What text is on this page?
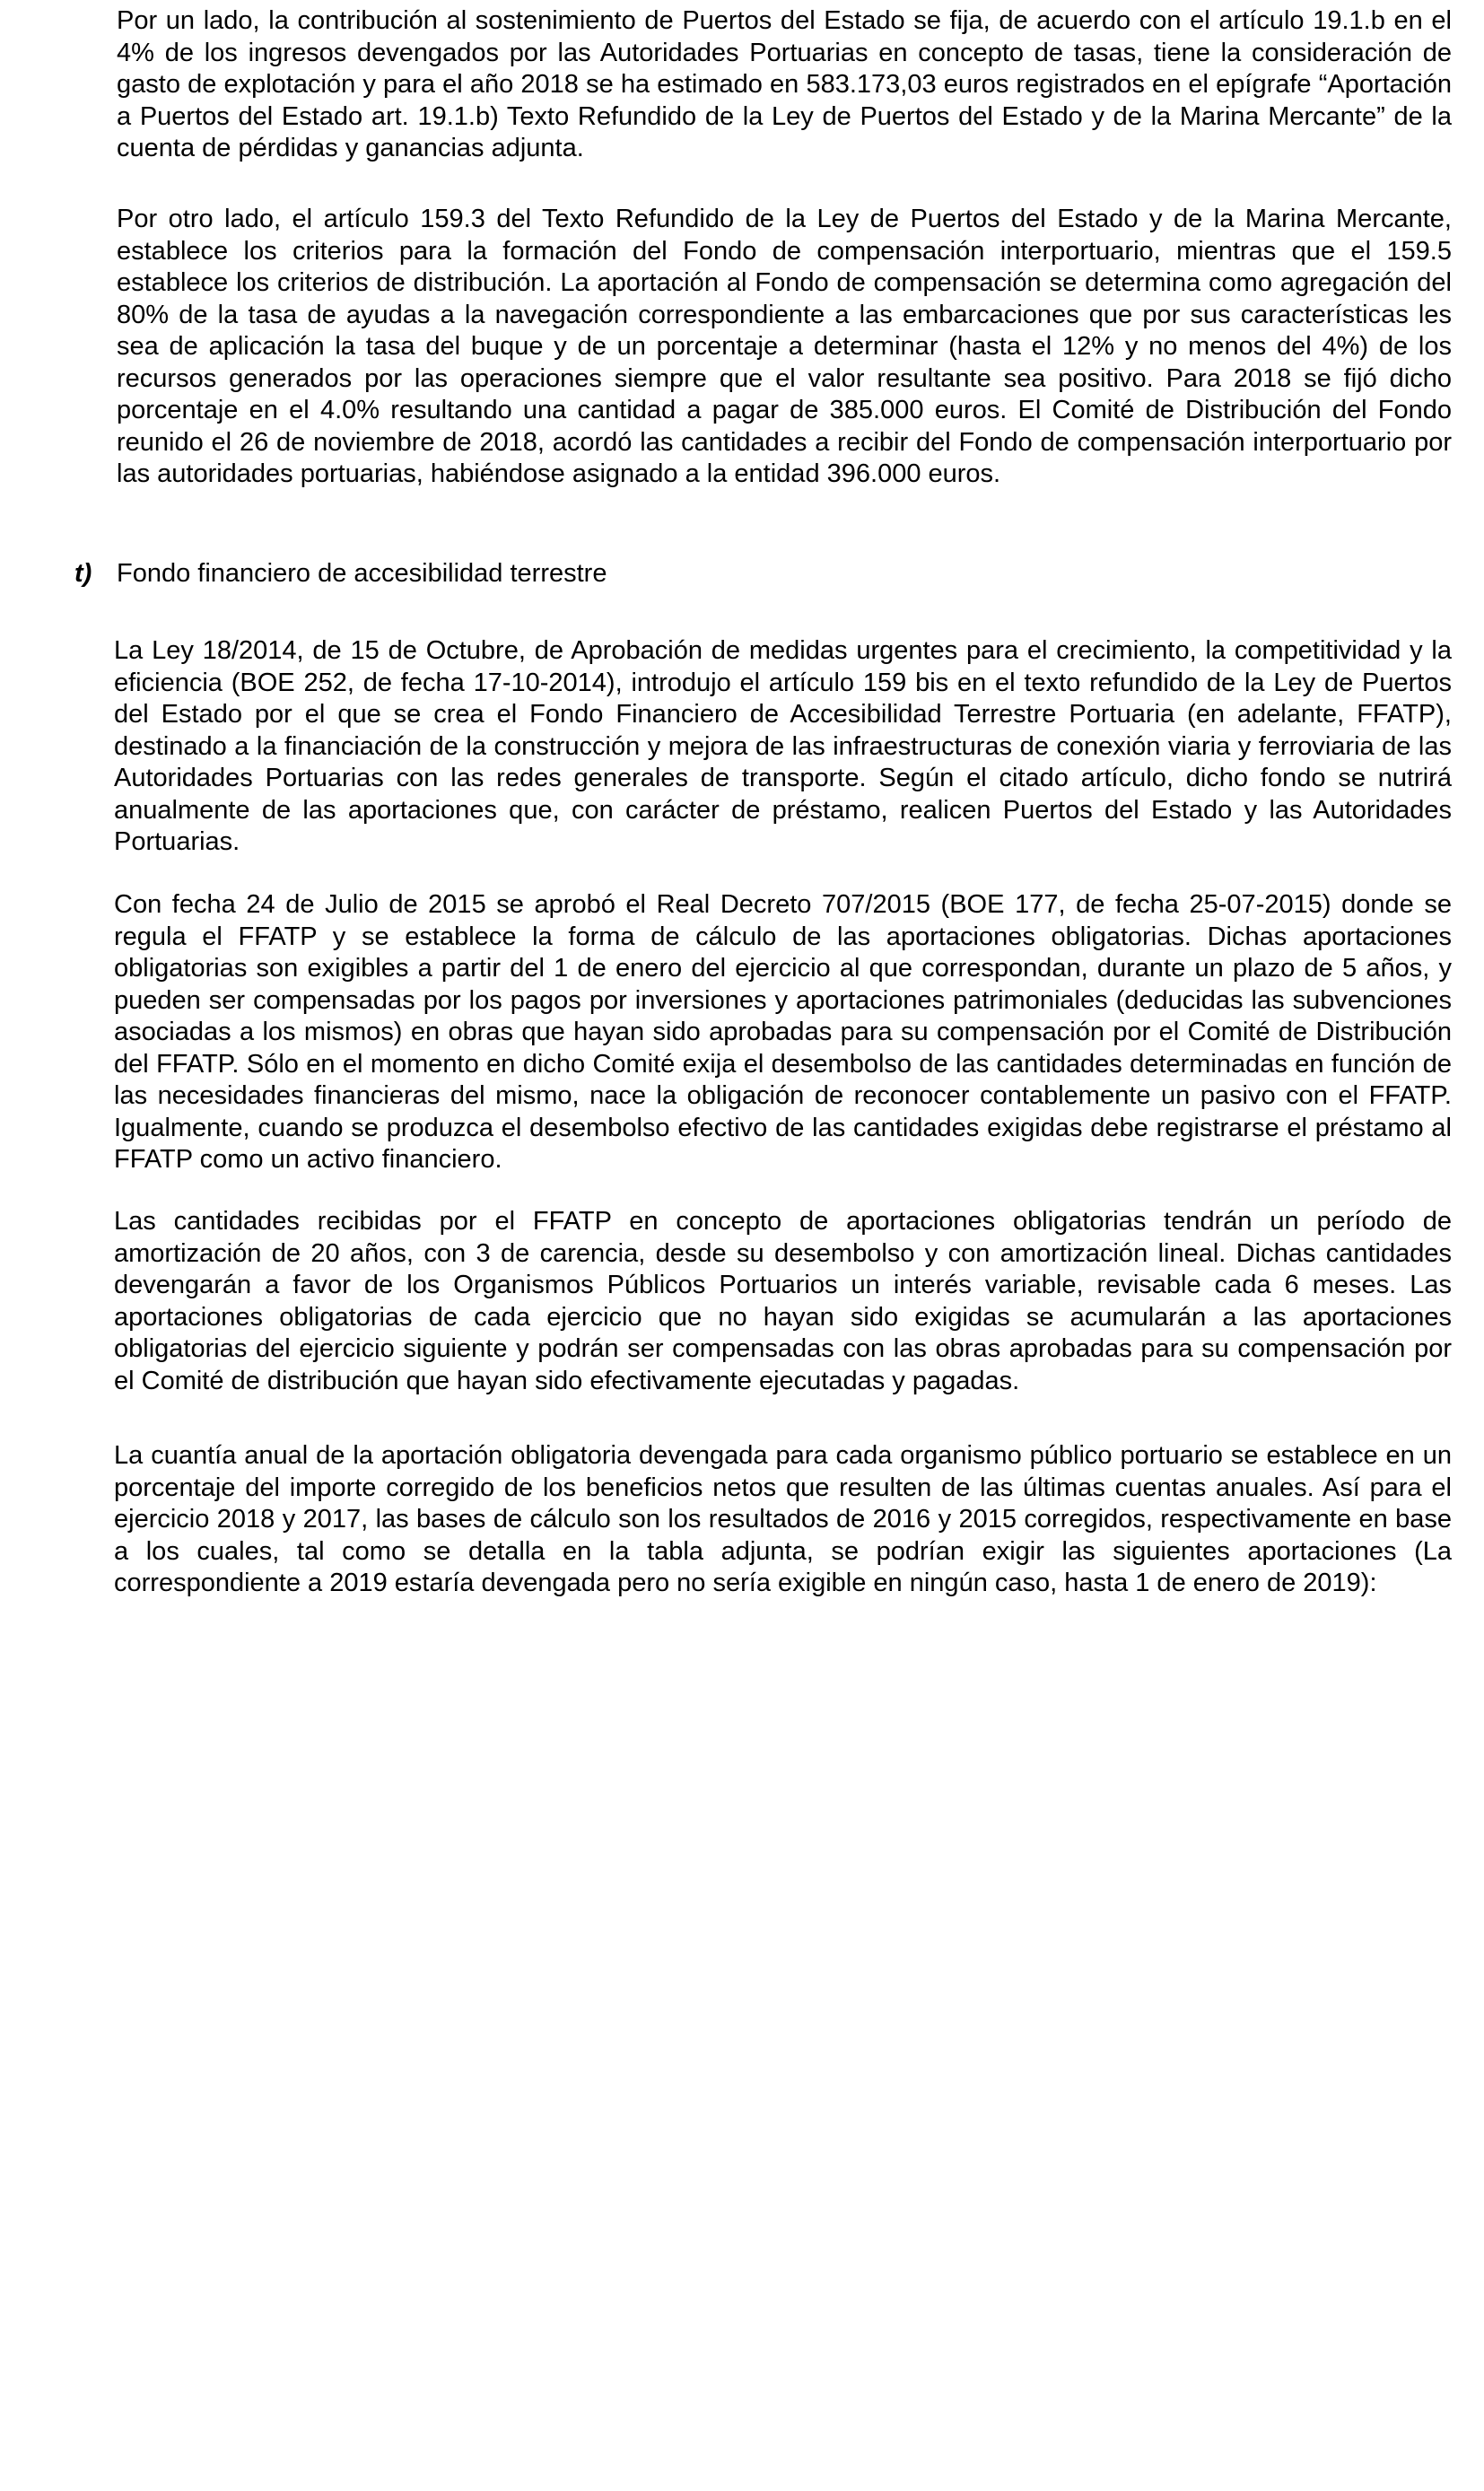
Por un lado, la contribución al sostenimiento de Puertos del Estado se fija, de acuerdo con el artículo 19.1.b en el 4% de los ingresos devengados por las Autoridades Portuarias en concepto de tasas, tiene la consideración de gasto de explotación y para el año 2018 se ha estimado en 583.173,03 euros registrados en el epígrafe “Aportación a Puertos del Estado art. 19.1.b) Texto Refundido de la Ley de Puertos del Estado y de la Marina Mercante” de la cuenta de pérdidas y ganancias adjunta.

Por otro lado, el artículo 159.3 del Texto Refundido de la Ley de Puertos del Estado y de la Marina Mercante, establece los criterios para la formación del Fondo de compensación interportuario, mientras que el 159.5 establece los criterios de distribución. La aportación al Fondo de compensación se determina como agregación del 80% de la tasa de ayudas a la navegación correspondiente a las embarcaciones que por sus características les sea de aplicación la tasa del buque y de un porcentaje a determinar (hasta el 12% y no menos del 4%) de los recursos generados por las operaciones siempre que el valor resultante sea positivo. Para 2018 se fijó dicho porcentaje en el 4.0% resultando una cantidad a pagar de 385.000 euros. El Comité de Distribución del Fondo reunido el 26 de noviembre de 2018, acordó las cantidades a recibir del Fondo de compensación interportuario por las autoridades portuarias, habiéndose asignado a la entidad 396.000 euros.

t) Fondo financiero de accesibilidad terrestre

La Ley 18/2014, de 15 de Octubre, de Aprobación de medidas urgentes para el crecimiento, la competitividad y la eficiencia (BOE 252, de fecha 17-10-2014), introdujo el artículo 159 bis en el texto refundido de la Ley de Puertos del Estado por el que se crea el Fondo Financiero de Accesibilidad Terrestre Portuaria (en adelante, FFATP), destinado a la financiación de la construcción y mejora de las infraestructuras de conexión viaria y ferroviaria de las Autoridades Portuarias con las redes generales de transporte. Según el citado artículo, dicho fondo se nutrirá anualmente de las aportaciones que, con carácter de préstamo, realicen Puertos del Estado y las Autoridades Portuarias.

Con fecha 24 de Julio de 2015 se aprobó el Real Decreto 707/2015 (BOE 177, de fecha 25-07-2015) donde se regula el FFATP y se establece la forma de cálculo de las aportaciones obligatorias. Dichas aportaciones obligatorias son exigibles a partir del 1 de enero del ejercicio al que correspondan, durante un plazo de 5 años, y pueden ser compensadas por los pagos por inversiones y aportaciones patrimoniales (deducidas las subvenciones asociadas a los mismos) en obras que hayan sido aprobadas para su compensación por el Comité de Distribución del FFATP. Sólo en el momento en dicho Comité exija el desembolso de las cantidades determinadas en función de las necesidades financieras del mismo, nace la obligación de reconocer contablemente un pasivo con el FFATP. Igualmente, cuando se produzca el desembolso efectivo de las cantidades exigidas debe registrarse el préstamo al FFATP como un activo financiero.

Las cantidades recibidas por el FFATP en concepto de aportaciones obligatorias tendrán un período de amortización de 20 años, con 3 de carencia, desde su desembolso y con amortización lineal. Dichas cantidades devengarán a favor de los Organismos Públicos Portuarios un interés variable, revisable cada 6 meses. Las aportaciones obligatorias de cada ejercicio que no hayan sido exigidas se acumularán a las aportaciones obligatorias del ejercicio siguiente y podrán ser compensadas con las obras aprobadas para su compensación por el Comité de distribución que hayan sido efectivamente ejecutadas y pagadas.

La cuantía anual de la aportación obligatoria devengada para cada organismo público portuario se establece en un porcentaje del importe corregido de los beneficios netos que resulten de las últimas cuentas anuales. Así para el ejercicio 2018 y 2017, las bases de cálculo son los resultados de 2016 y 2015 corregidos, respectivamente en base a los cuales, tal como se detalla en la tabla adjunta, se podrían exigir las siguientes aportaciones (La correspondiente a 2019 estaría devengada pero no sería exigible en ningún caso, hasta 1 de enero de 2019):
